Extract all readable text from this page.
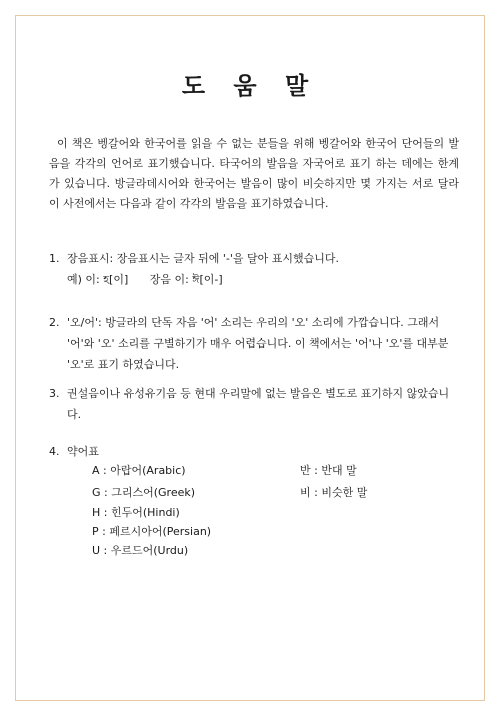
도 움 말
이 책은 벵갈어와 한국어를 읽을 수 없는 분들을 위해 벵갈어와 한국어 단어들의 발음을 각각의 언어로 표기했습니다. 타국어의 발음을 자국어로 표기 하는 데에는 한계가 있습니다. 방글라데시어와 한국어는 발음이 많이 비슷하지만 몇 가지는 서로 달라 이 사전에서는 다음과 같이 각각의 발음을 표기하였습니다.
1. 장음표시: 장음표시는 글자 뒤에 '-'을 달아 표시했습니다.
예) 이: হ[이] 장음 이: ঈ[이-]
2. '오/어': 방글라의 단독 자음 '어' 소리는 우리의 '오' 소리에 가깝습니다. 그래서 '어'와 '오' 소리를 구별하기가 매우 어렵습니다. 이 책에서는 '어'나 '오'를 대부분 '오'로 표기 하였습니다.
3. 권설음이나 유성유기음 등 현대 우리말에 없는 발음은 별도로 표기하지 않았습니다.
4. 약어표
A : 아랍어(Arabic)	반 : 반대 말
G : 그리스어(Greek)	비 : 비슷한 말
H : 힌두어(Hindi)
P : 페르시아어(Persian)
U : 우르드어(Urdu)
